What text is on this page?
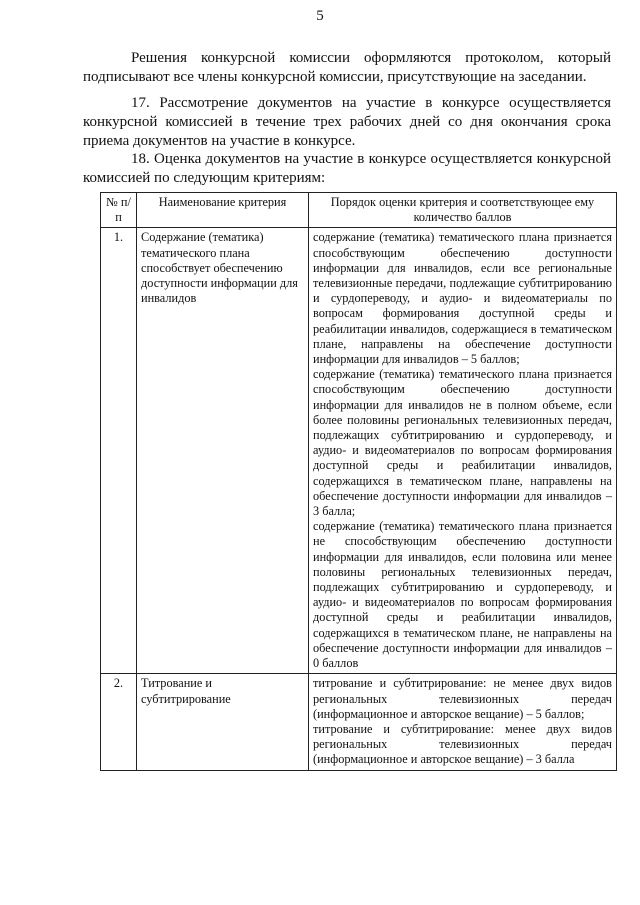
5

Решения конкурсной комиссии оформляются протоколом, который подписывают все члены конкурсной комиссии, присутствующие на заседании.

17. Рассмотрение документов на участие в конкурсе осуществляется конкурсной комиссией в течение трех рабочих дней со дня окончания срока приема документов на участие в конкурсе.

18. Оценка документов на участие в конкурсе осуществляется конкурсной комиссией по следующим критериям:

№ п/п	Наименование критерия	Порядок оценки критерия и соответствующее ему количество баллов
1.	Содержание (тематика) тематического плана способствует обеспечению доступности информации для инвалидов	содержание (тематика) тематического плана признается способствующим обеспечению доступности информации для инвалидов, если все региональные телевизионные передачи, подлежащие субтитрированию и сурдопереводу, и аудио- и видеоматериалы по вопросам формирования доступной среды и реабилитации инвалидов, содержащиеся в тематическом плане, направлены на обеспечение доступности информации для инвалидов – 5 баллов;
содержание (тематика) тематического плана признается способствующим обеспечению доступности информации для инвалидов не в полном объеме, если более половины региональных телевизионных передач, подлежащих субтитрированию и сурдопереводу, и аудио- и видеоматериалов по вопросам формирования доступной среды и реабилитации инвалидов, содержащихся в тематическом плане, направлены на обеспечение доступности информации для инвалидов – 3 балла;
содержание (тематика) тематического плана признается не способствующим обеспечению доступности информации для инвалидов, если половина или менее половины региональных телевизионных передач, подлежащих субтитрированию и сурдопереводу, и аудио- и видеоматериалов по вопросам формирования доступной среды и реабилитации инвалидов, содержащихся в тематическом плане, не направлены на обеспечение доступности информации для инвалидов – 0 баллов

2.	Титрование и субтитрирование	титрование и субтитрирование: не менее двух видов региональных телевизионных передач (информационное и авторское вещание) – 5 баллов;
титрование и субтитрирование: менее двух видов региональных телевизионных передач (информационное и авторское вещание) – 3 балла
